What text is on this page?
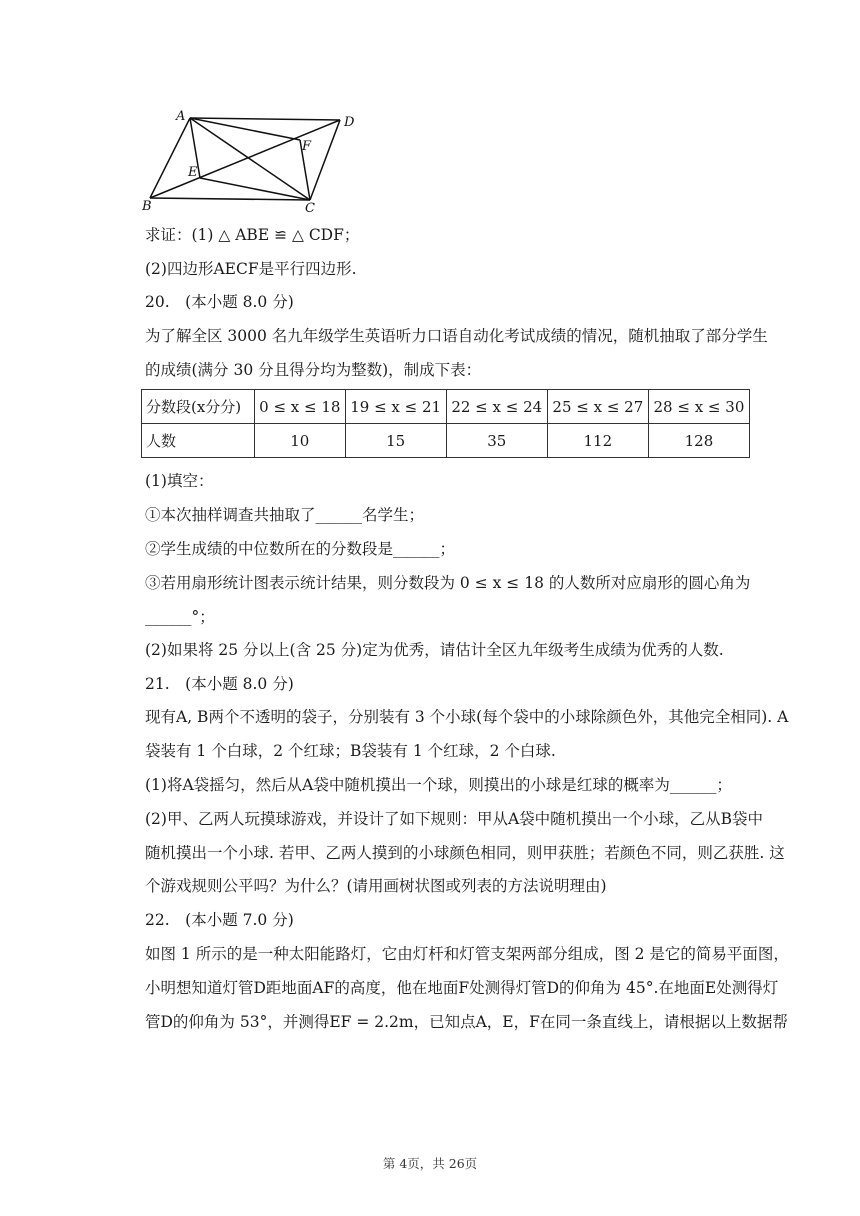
A
B	C
D
E
F
求证：(1) △ ABE ≌ △ CDF；
(2)四边形AECF是平行四边形.
20.　(本小题 8.0 分)
为了解全区 3000 名九年级学生英语听力口语自动化考试成绩的情况，随机抽取了部分学生
的成绩(满分 30 分且得分均为整数)，制成下表：
分数段(x分分)	0 ≤ x ≤ 18	19 ≤ x ≤ 21	22 ≤ x ≤ 24	25 ≤ x ≤ 27	28 ≤ x ≤ 30
人数	10	15	35	112	128
(1)填空：
①本次抽样调查共抽取了______名学生；
②学生成绩的中位数所在的分数段是______；
③若用扇形统计图表示统计结果，则分数段为 0 ≤ x ≤ 18 的人数所对应扇形的圆心角为
______°；
(2)如果将 25 分以上(含 25 分)定为优秀，请估计全区九年级考生成绩为优秀的人数.
21.　(本小题 8.0 分)
现有A, B两个不透明的袋子，分别装有 3 个小球(每个袋中的小球除颜色外，其他完全相同). A
袋装有 1 个白球，2 个红球；B袋装有 1 个红球，2 个白球.
(1)将A袋摇匀，然后从A袋中随机摸出一个球，则摸出的小球是红球的概率为______；
(2)甲、乙两人玩摸球游戏，并设计了如下规则：甲从A袋中随机摸出一个小球，乙从B袋中
随机摸出一个小球. 若甲、乙两人摸到的小球颜色相同，则甲获胜；若颜色不同，则乙获胜. 这
个游戏规则公平吗？为什么？(请用画树状图或列表的方法说明理由)
22.　(本小题 7.0 分)
如图 1 所示的是一种太阳能路灯，它由灯杆和灯管支架两部分组成，图 2 是它的简易平面图，
小明想知道灯管D距地面AF的高度，他在地面F处测得灯管D的仰角为 45°.在地面E处测得灯
管D的仰角为 53°，并测得EF = 2.2m，已知点A，E，F在同一条直线上，请根据以上数据帮
第 4页，共 26页
